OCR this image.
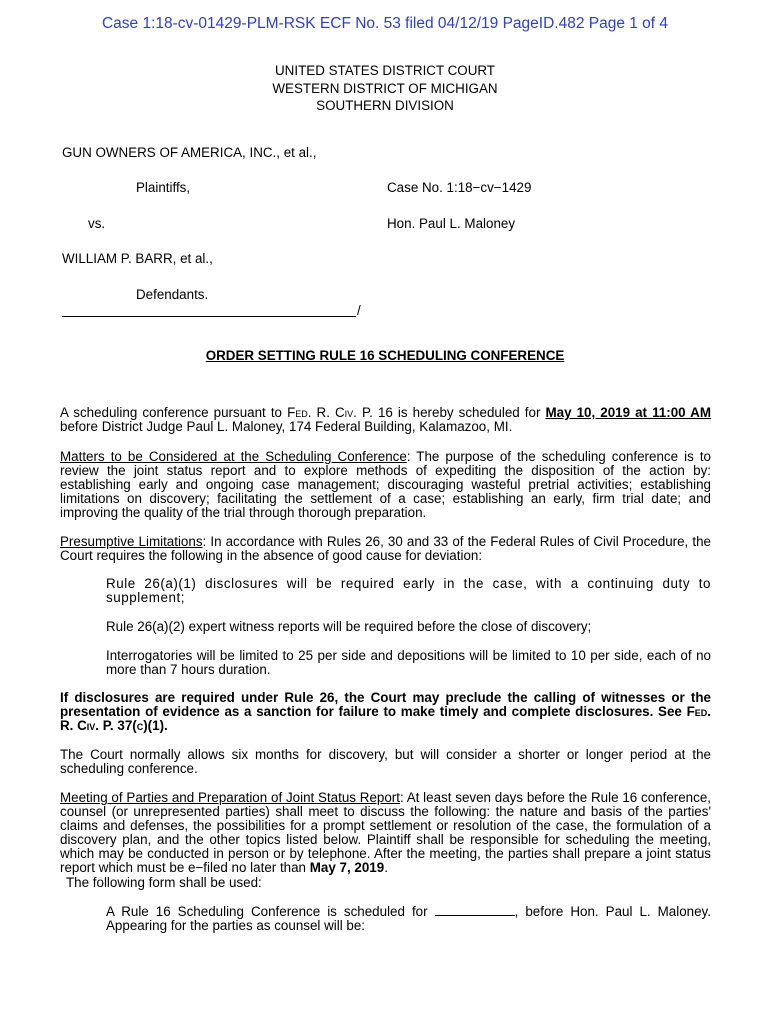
Case 1:18-cv-01429-PLM-RSK ECF No. 53 filed 04/12/19 PageID.482 Page 1 of 4
UNITED STATES DISTRICT COURT
WESTERN DISTRICT OF MICHIGAN
SOUTHERN DIVISION
GUN OWNERS OF AMERICA, INC., et al.,
Plaintiffs,	Case No. 1:18−cv−1429
vs.	Hon. Paul L. Maloney
WILLIAM P. BARR, et al.,
Defendants.
/
ORDER SETTING RULE 16 SCHEDULING CONFERENCE
A scheduling conference pursuant to Fed. R. Civ. P. 16 is hereby scheduled for May 10, 2019 at 11:00 AM before District Judge Paul L. Maloney, 174 Federal Building, Kalamazoo, MI.
Matters to be Considered at the Scheduling Conference: The purpose of the scheduling conference is to review the joint status report and to explore methods of expediting the disposition of the action by: establishing early and ongoing case management; discouraging wasteful pretrial activities; establishing limitations on discovery; facilitating the settlement of a case; establishing an early, firm trial date; and improving the quality of the trial through thorough preparation.
Presumptive Limitations: In accordance with Rules 26, 30 and 33 of the Federal Rules of Civil Procedure, the Court requires the following in the absence of good cause for deviation:
Rule 26(a)(1) disclosures will be required early in the case, with a continuing duty to supplement;
Rule 26(a)(2) expert witness reports will be required before the close of discovery;
Interrogatories will be limited to 25 per side and depositions will be limited to 10 per side, each of no more than 7 hours duration.
If disclosures are required under Rule 26, the Court may preclude the calling of witnesses or the presentation of evidence as a sanction for failure to make timely and complete disclosures. See Fed. R. Civ. P. 37(c)(1).
The Court normally allows six months for discovery, but will consider a shorter or longer period at the scheduling conference.
Meeting of Parties and Preparation of Joint Status Report: At least seven days before the Rule 16 conference, counsel (or unrepresented parties) shall meet to discuss the following: the nature and basis of the parties' claims and defenses, the possibilities for a prompt settlement or resolution of the case, the formulation of a discovery plan, and the other topics listed below. Plaintiff shall be responsible for scheduling the meeting, which may be conducted in person or by telephone. After the meeting, the parties shall prepare a joint status report which must be e−filed no later than May 7, 2019.
The following form shall be used:
A Rule 16 Scheduling Conference is scheduled for	, before Hon. Paul L. Maloney. Appearing for the parties as counsel will be:
